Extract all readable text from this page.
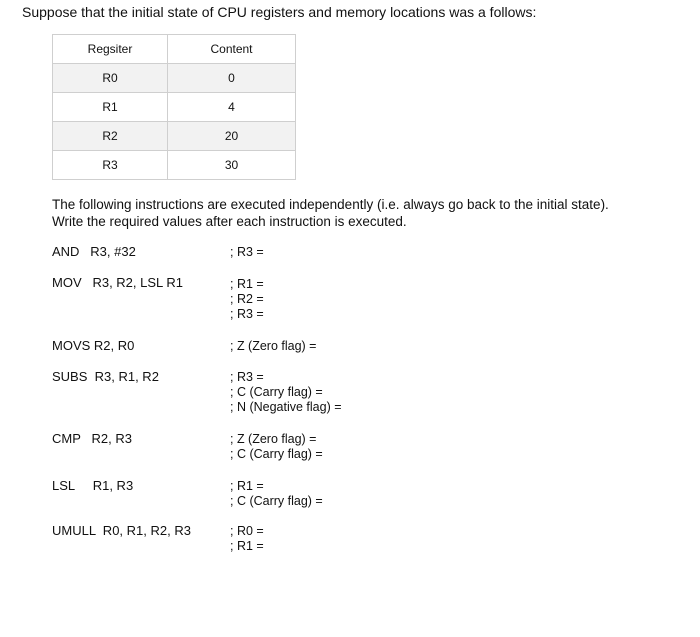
Suppose that the initial state of CPU registers and memory locations was a follows:
Regsiter	Content
R0	0
R1	4
R2	20
R3	30
The following instructions are executed independently (i.e. always go back to the initial state).
Write the required values after each instruction is executed.
AND   R3, #32	; R3 =
MOV   R3, R2, LSL R1	; R1 =
; R2 =
; R3 =
MOVS R2, R0	; Z (Zero flag) =
SUBS  R3, R1, R2	; R3 =
; C (Carry flag) =
; N (Negative flag) =
CMP   R2, R3	; Z (Zero flag) =
; C (Carry flag) =
LSL     R1, R3	; R1 =
; C (Carry flag) =
UMULL  R0, R1, R2, R3	; R0 =
; R1 =
